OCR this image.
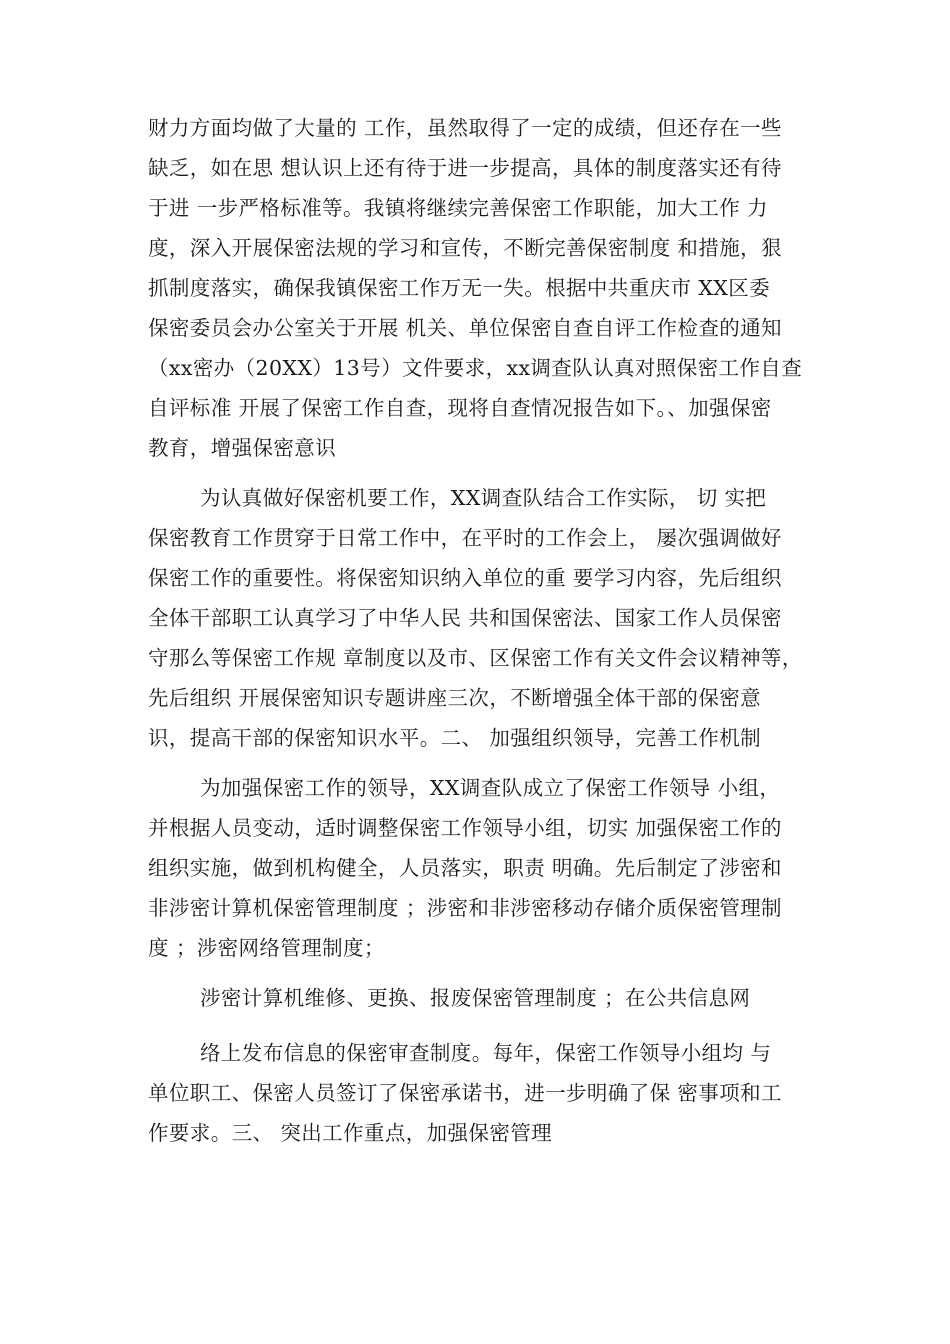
财力方面均做了大量的 工作，虽然取得了一定的成绩，但还存在一些
缺乏，如在思 想认识上还有待于进一步提高，具体的制度落实还有待
于进 一步严格标准等。我镇将继续完善保密工作职能，加大工作 力
度，深入开展保密法规的学习和宣传，不断完善保密制度 和措施，狠
抓制度落实，确保我镇保密工作万无一失。根据中共重庆市 XX区委
保密委员会办公室关于开展 机关、单位保密自查自评工作检查的通知
（xx密办（20XX）13号）文件要求，xx调查队认真对照保密工作自查
自评标准 开展了保密工作自查，现将自查情况报告如下。、加强保密
教育，增强保密意识
为认真做好保密机要工作，XX调查队结合工作实际， 切 实把
保密教育工作贯穿于日常工作中，在平时的工作会上， 屡次强调做好
保密工作的重要性。将保密知识纳入单位的重 要学习内容，先后组织
全体干部职工认真学习了中华人民 共和国保密法、国家工作人员保密
守那么等保密工作规 章制度以及市、区保密工作有关文件会议精神等，
先后组织 开展保密知识专题讲座三次，不断增强全体干部的保密意
识，提高干部的保密知识水平。二、 加强组织领导，完善工作机制
为加强保密工作的领导，XX调查队成立了保密工作领导 小组，
并根据人员变动，适时调整保密工作领导小组，切实 加强保密工作的
组织实施，做到机构健全，人员落实，职责 明确。先后制定了涉密和
非涉密计算机保密管理制度 ；涉密和非涉密移动存储介质保密管理制
度 ；涉密网络管理制度；
涉密计算机维修、更换、报废保密管理制度 ；在公共信息网
络上发布信息的保密审查制度。每年，保密工作领导小组均 与
单位职工、保密人员签订了保密承诺书，进一步明确了保 密事项和工
作要求。三、 突出工作重点，加强保密管理
